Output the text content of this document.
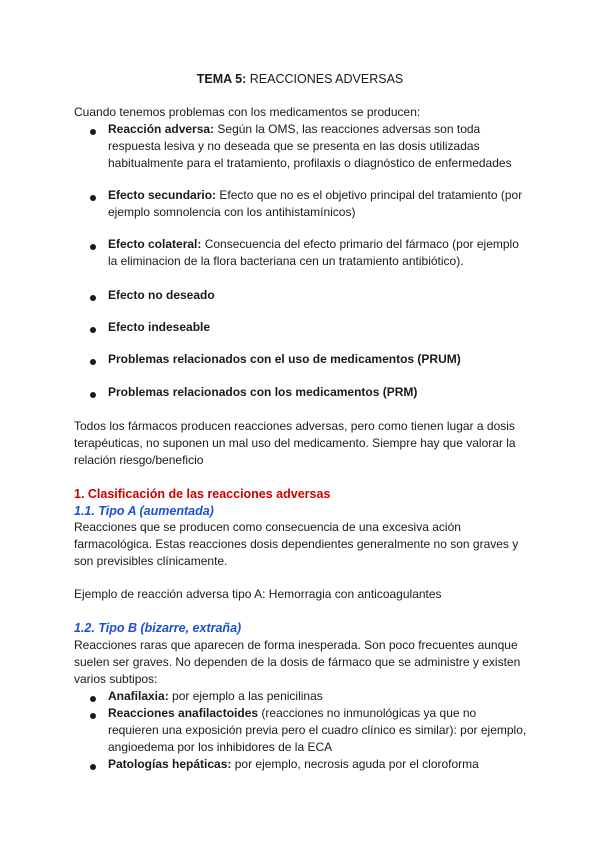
TEMA 5: REACCIONES ADVERSAS
Cuando tenemos problemas con los medicamentos se producen:
Reacción adversa: Según la OMS, las reacciones adversas son toda respuesta lesiva y no deseada que se presenta en las dosis utilizadas habitualmente para el tratamiento, profilaxis o diagnóstico de enfermedades
Efecto secundario: Efecto que no es el objetivo principal del tratamiento (por ejemplo somnolencia con los antihistamínicos)
Efecto colateral: Consecuencia del efecto primario del fármaco (por ejemplo la eliminacion de la flora bacteriana cen un tratamiento antibiótico).
Efecto no deseado
Efecto indeseable
Problemas relacionados con el uso de medicamentos (PRUM)
Problemas relacionados con los medicamentos (PRM)
Todos los fármacos producen reacciones adversas, pero como tienen lugar a dosis terapéuticas, no suponen un mal uso del medicamento. Siempre hay que valorar la relación riesgo/beneficio
1. Clasificación de las reacciones adversas
1.1. Tipo A (aumentada)
Reacciones que se producen como consecuencia de una excesiva ación farmacológica. Estas reacciones dosis dependientes generalmente no son graves y son previsibles clínicamente.
Ejemplo de reacción adversa tipo A: Hemorragia con anticoagulantes
1.2. Tipo B (bizarre, extraña)
Reacciones raras que aparecen de forma inesperada. Son poco frecuentes aunque suelen ser graves. No dependen de la dosis de fármaco que se administre y existen varios subtipos:
Anafilaxia: por ejemplo a las penicilinas
Reacciones anafilactoides (reacciones no inmunológicas ya que no requieren una exposición previa pero el cuadro clínico es similar): por ejemplo, angioedema por los inhibidores de la ECA
Patologías hepáticas: por ejemplo, necrosis aguda por el cloroforma
